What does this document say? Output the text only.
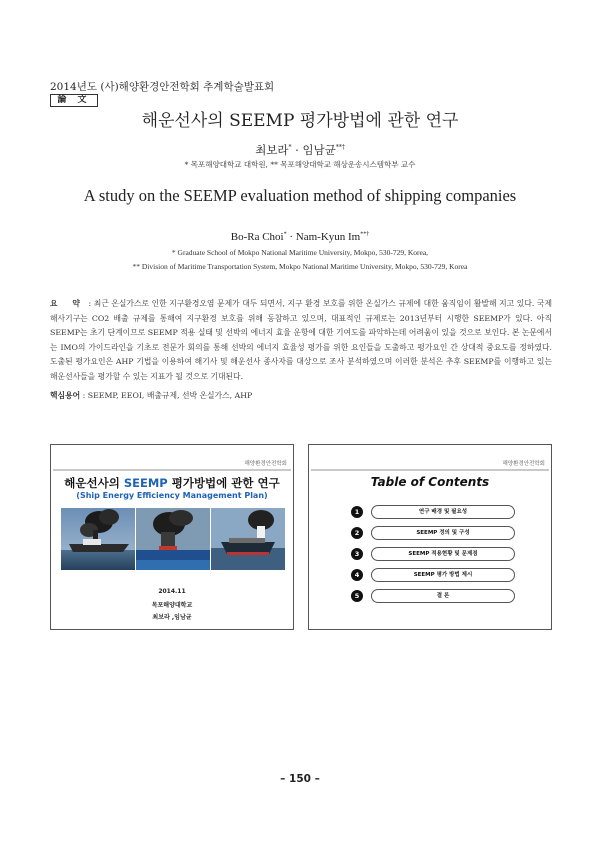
2014년도 (사)해양환경안전학회 추계학술발표회
論 文
해운선사의 SEEMP 평가방법에 관한 연구
최보라* · 임남균**†
* 목포해양대학교 대학원, ** 목포해양대학교 해상운송시스템학부 교수
A study on the SEEMP evaluation method of shipping companies
Bo-Ra Choi* · Nam-Kyun Im**†
* Graduate School of Mokpo National Maritime University, Mokpo, 530-729, Korea,
** Division of Maritime Transportation System, Mokpo National Maritime University, Mokpo, 530-729, Korea
요 약 : 최근 온실가스로 인한 지구환경오염 문제가 대두 되면서, 지구 환경 보호를 위한 온실가스 규제에 대한 움직임이 활발해 지고 있다. 국제해사기구는 CO2 배출 규제를 통해여 지구환경 보호를 위해 동참하고 있으며, 대표적인 규제로는 2013년부터 시행한 SEEMP가 있다. 아직 SEEMP는 초기 단계이므로 SEEMP 적용 실태 및 선박의 에너지 효율 운항에 대한 기여도를 파악하는데 어려움이 있을 것으로 보인다. 본 논문에서는 IMO의 가이드라인을 기초로 전문가 회의를 통해 선박의 에너지 효율성 평가를 위한 요인들을 도출하고 평가요인 간 상대적 중요도를 정하였다. 도출된 평가요인은 AHP 기법을 이용하여 해기사 및 해운선사 종사자를 대상으로 조사 분석하였으며 이러한 분석은 추후 SEEMP를 이행하고 있는 해운선사들을 평가할 수 있는 지표가 될 것으로 기대된다.
핵심용어 : SEEMP, EEOI, 배출규제, 선박 온실가스, AHP
해양환경안전학회
해운선사의 SEEMP 평가방법에 관한 연구
(Ship Energy Efficiency Management Plan)
2014.11
목포해양대학교
최보라 ,임남균
해양환경안전학회
Table of Contents
1	연구 배경 및 필요성
2	SEEMP 정의 및 구성
3	SEEMP 적용현황 및 문제점
4	SEEMP 평가 방법 제시
5	결 론
– 150 –
